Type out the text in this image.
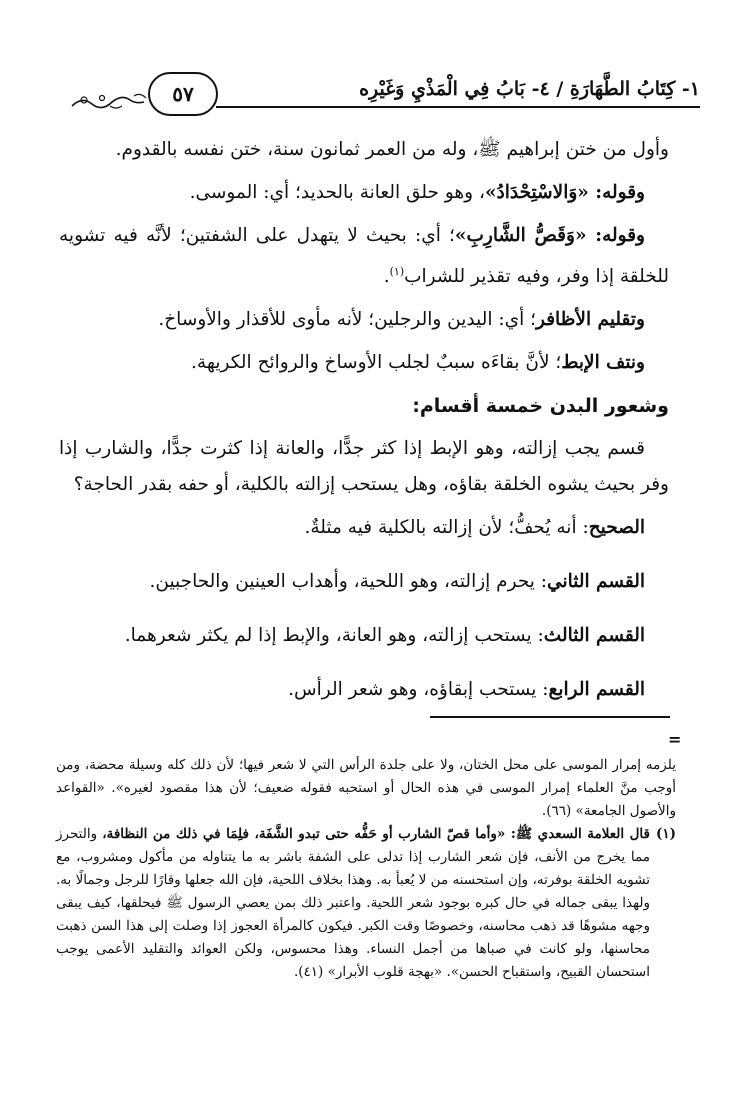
٥٧	١- كِتَابُ الطَّهَارَةِ / ٤- بَابُ فِي الْمَذْيِ وَغَيْرِه

وأول من ختن إبراهيم ﷺ، وله من العمر ثمانون سنة، ختن نفسه بالقدوم.

وقوله: «وَالاسْتِحْدَادُ»، وهو حلق العانة بالحديد؛ أي: الموسى.

وقوله: «وَقَصُّ الشَّارِبِ»؛ أي: بحيث لا يتهدل على الشفتين؛ لأنَّه فيه تشويه للخلقة إذا وفر، وفيه تقذير للشراب$^{(١)}$.

وتقليم الأظافر؛ أي: اليدين والرجلين؛ لأنه مأوى للأقذار والأوساخ.

ونتف الإبط؛ لأنَّ بقاءَه سببٌ لجلب الأوساخ والروائح الكريهة.

وشعور البدن خمسة أقسام:

قسم يجب إزالته، وهو الإبط إذا كثر جدًّا، والعانة إذا كثرت جدًّا، والشارب إذا وفر بحيث يشوه الخلقة بقاؤه، وهل يستحب إزالته بالكلية، أو حفه بقدر الحاجة؟

الصحيح: أنه يُحفُّ؛ لأن إزالته بالكلية فيه مثلةٌ.

القسم الثاني: يحرم إزالته، وهو اللحية، وأهداب العينين والحاجبين.

القسم الثالث: يستحب إزالته، وهو العانة، والإبط إذا لم يكثر شعرهما.

القسم الرابع: يستحب إبقاؤه، وهو شعر الرأس.

=

يلزمه إمرار الموسى على محل الختان، ولا على جلدة الرأس التي لا شعر فيها؛ لأن ذلك كله وسيلة محضة، ومن أوجب منَّ العلماء إمرار الموسى في هذه الحال أو استحبه فقوله ضعيف؛ لأن هذا مقصود لغيره». «القواعد والأصول الجامعة» (٦٦).

(١)
قال العلامة السعدي ﷺ: «وأما قصّ الشارب أو حَفُّه حتى تبدو الشَّفَة، فلِمَا في ذلك من النظافة، والتحرز مما يخرج من الأنف، فإن شعر الشارب إذا تدلى على الشفة باشر به ما يتناوله من مأكول ومشروب، مع تشويه الخلقة بوفرته، وإن استحسنه من لا يُعبأ به. وهذا بخلاف اللحية، فإن الله جعلها وقارًا للرجل وجمالًا به. ولهذا يبقى جماله في حال كبره بوجود شعر اللحية. واعتبر ذلك بمن يعصي الرسول ﷺ فيحلقها، كيف يبقى وجهه مشوهًا قد ذهب محاسنه، وخصوصًا وقت الكبر. فيكون كالمرأة العجوز إذا وصلت إلى هذا السن ذهبت محاسنها، ولو كانت في صباها من أجمل النساء. وهذا محسوس، ولكن العوائد والتقليد الأعمى يوجب استحسان القبيح، واستقباح الحسن». «بهجة قلوب الأبرار» (٤١).
